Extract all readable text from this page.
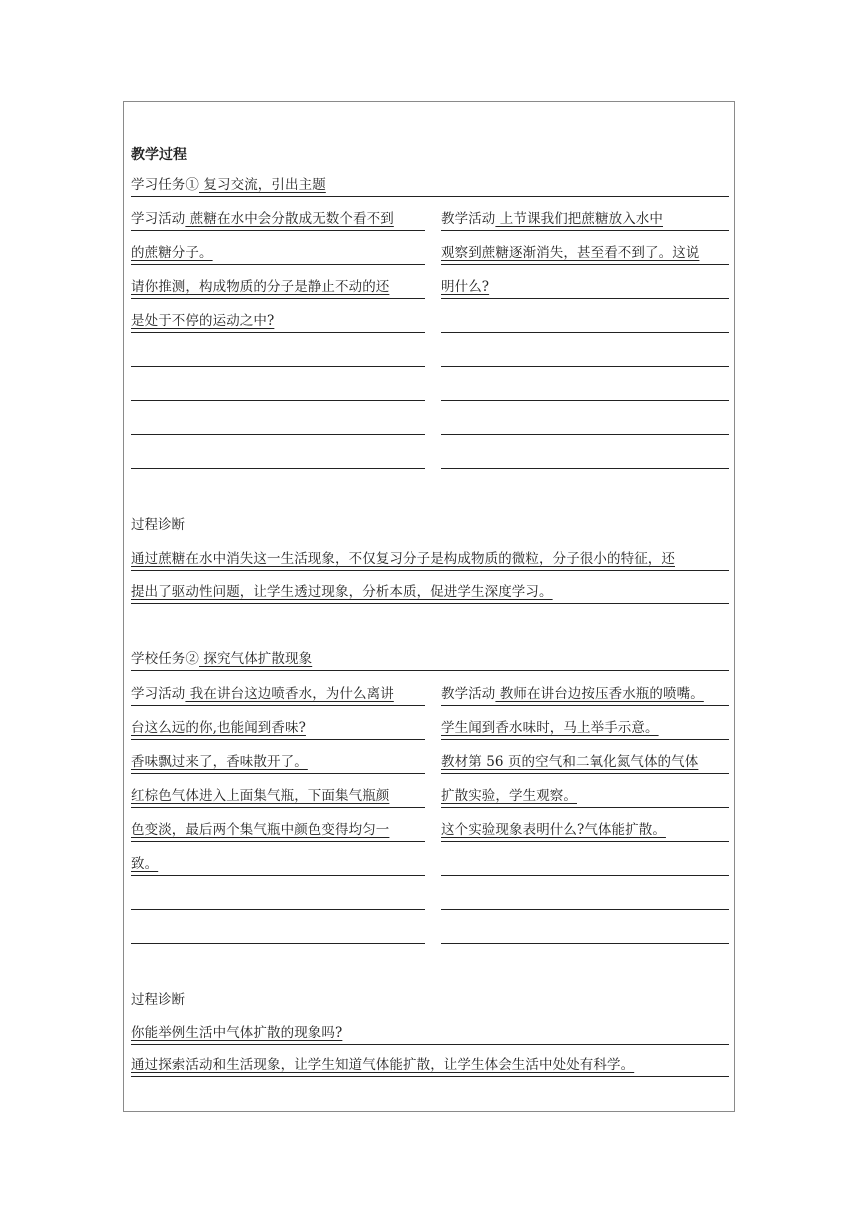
教学过程
学习任务① 复习交流，引出主题
学习活动 蔗糖在水中会分散成无数个看不到
的蔗糖分子。
请你推测，构成物质的分子是静止不动的还
是处于不停的运动之中?
教学活动 上节课我们把蔗糖放入水中
观察到蔗糖逐渐消失，甚至看不到了。这说
明什么?
过程诊断
通过蔗糖在水中消失这一生活现象，不仅复习分子是构成物质的微粒，分子很小的特征，还
提出了驱动性问题，让学生透过现象，分析本质，促进学生深度学习。
学校任务② 探究气体扩散现象
学习活动 我在讲台这边喷香水，为什么离讲
台这么远的你,也能闻到香味?
香味飘过来了，香味散开了。
红棕色气体进入上面集气瓶，下面集气瓶颜
色变淡，最后两个集气瓶中颜色变得均匀一
致。
教学活动 教师在讲台边按压香水瓶的喷嘴。
学生闻到香水味时，马上举手示意。
教材第 56 页的空气和二氧化氮气体的气体
扩散实验，学生观察。
这个实验现象表明什么?气体能扩散。
过程诊断
你能举例生活中气体扩散的现象吗?
通过探索活动和生活现象，让学生知道气体能扩散，让学生体会生活中处处有科学。
